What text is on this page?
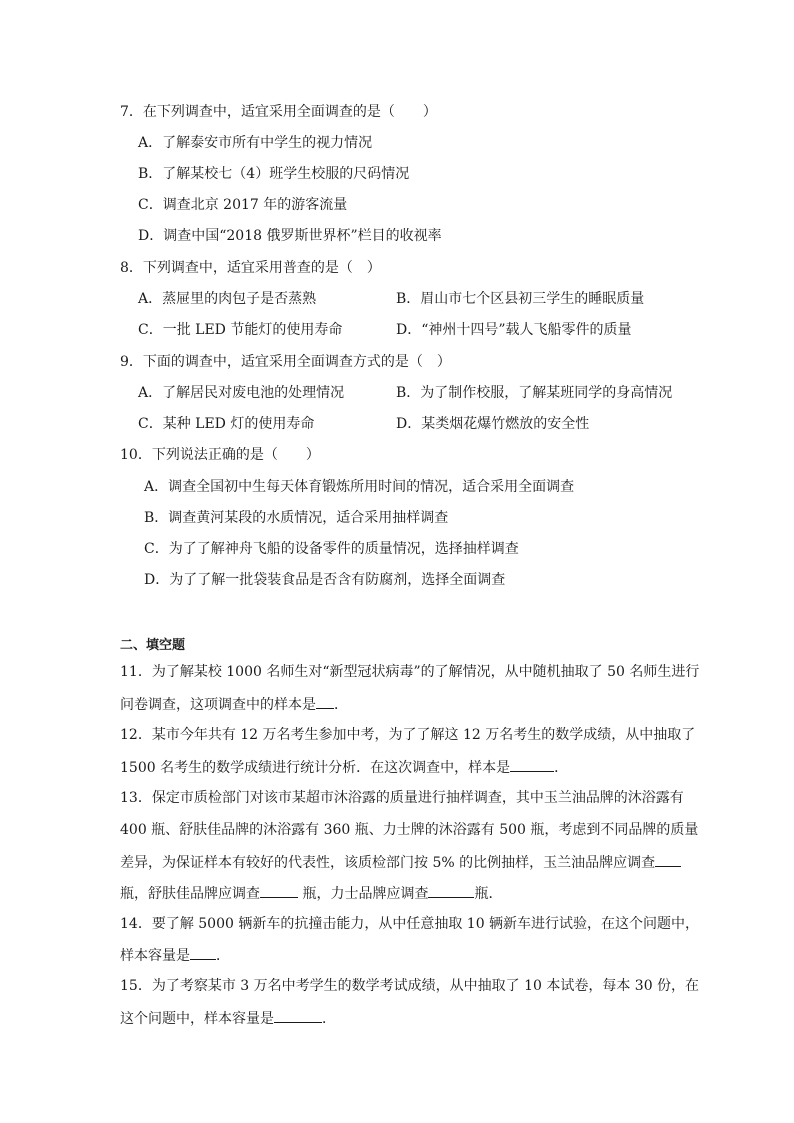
7．在下列调查中，适宜采用全面调查的是（　　）
A．了解泰安市所有中学生的视力情况
B．了解某校七（4）班学生校服的尺码情况
C．调查北京 2017 年的游客流量
D．调查中国“2018 俄罗斯世界杯”栏目的收视率
8．下列调查中，适宜采用普查的是（　）
A．蒸屉里的肉包子是否蒸熟	B．眉山市七个区县初三学生的睡眠质量
C．一批 LED 节能灯的使用寿命	D．“神州十四号”载人飞船零件的质量
9．下面的调查中，适宜采用全面调查方式的是（　）
A．了解居民对废电池的处理情况	B．为了制作校服，了解某班同学的身高情况
C．某种 LED 灯的使用寿命	D．某类烟花爆竹燃放的安全性
10．下列说法正确的是（　　）
A．调查全国初中生每天体育锻炼所用时间的情况，适合采用全面调查
B．调查黄河某段的水质情况，适合采用抽样调查
C．为了了解神舟飞船的设备零件的质量情况，选择抽样调查
D．为了了解一批袋装食品是否含有防腐剂，选择全面调查
二、填空题
11．为了解某校 1000 名师生对“新型冠状病毒”的了解情况，从中随机抽取了 50 名师生进行
问卷调查，这项调查中的样本是 ．
12．某市今年共有 12 万名考生参加中考，为了了解这 12 万名考生的数学成绩，从中抽取了
1500 名考生的数学成绩进行统计分析．在这次调查中，样本是	．
13．保定市质检部门对该市某超市沐浴露的质量进行抽样调查，其中玉兰油品牌的沐浴露有
400 瓶、舒肤佳品牌的沐浴露有 360 瓶、力士牌的沐浴露有 500 瓶，考虑到不同品牌的质量
差异，为保证样本有较好的代表性，该质检部门按 5% 的比例抽样，玉兰油品牌应调查
瓶，舒肤佳品牌应调查	瓶，力士品牌应调查	瓶．
14．要了解 5000 辆新车的抗撞击能力，从中任意抽取 10 辆新车进行试验，在这个问题中，
样本容量是 ．
15．为了考察某市 3 万名中考学生的数学考试成绩，从中抽取了 10 本试卷，每本 30 份，在
这个问题中，样本容量是	．
